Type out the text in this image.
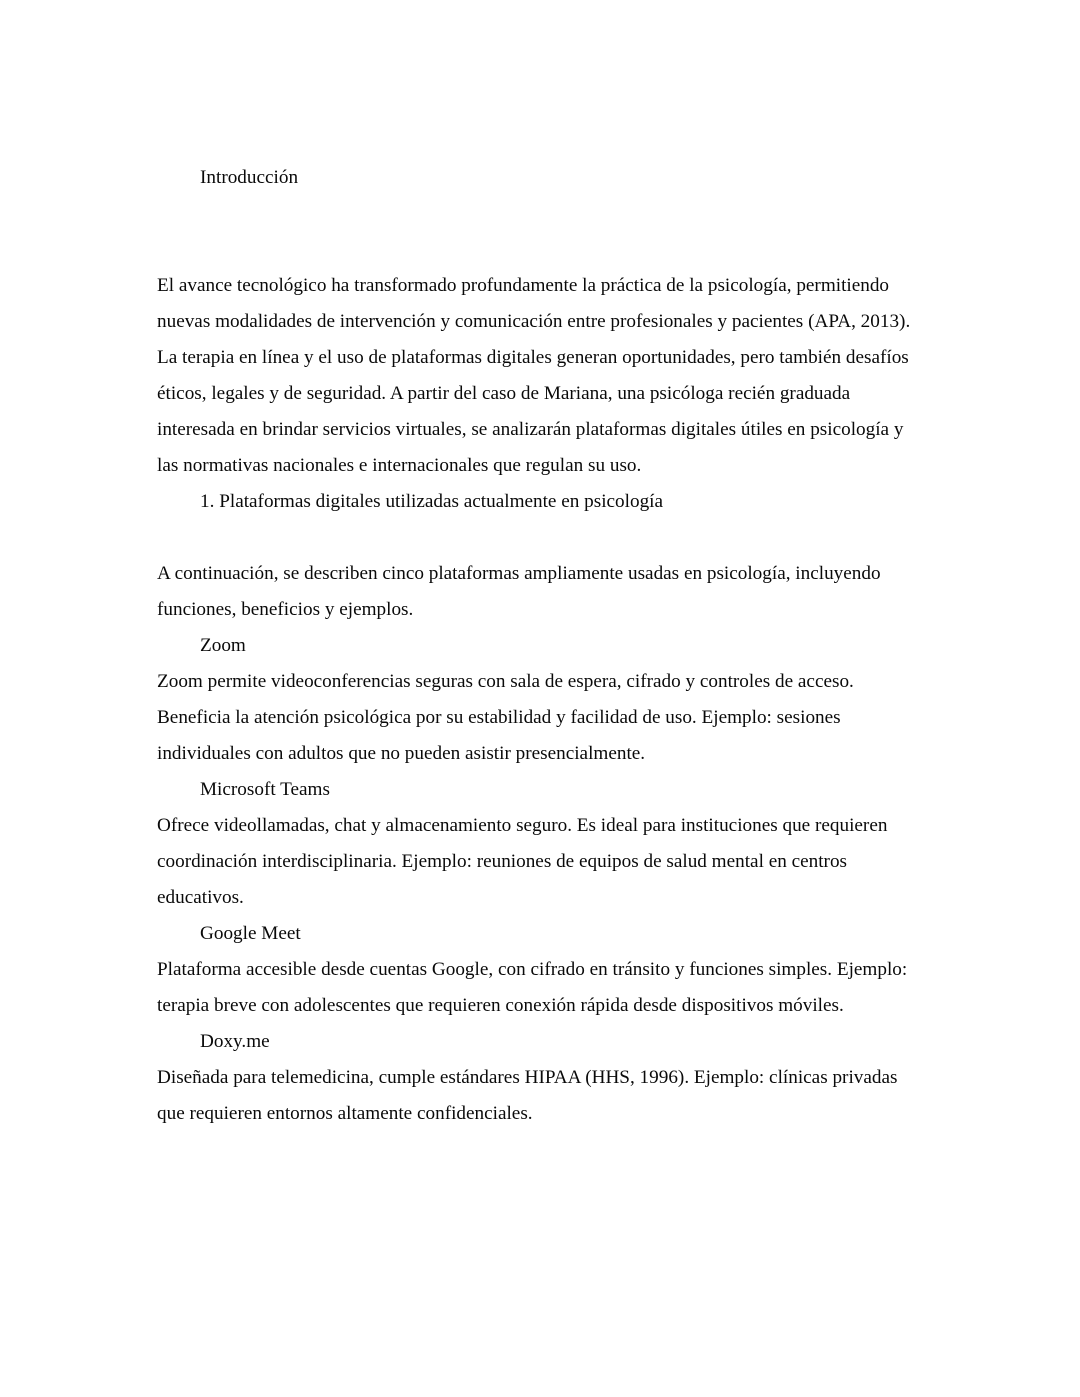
Introducción

El avance tecnológico ha transformado profundamente la práctica de la psicología, permitiendo nuevas modalidades de intervención y comunicación entre profesionales y pacientes (APA, 2013). La terapia en línea y el uso de plataformas digitales generan oportunidades, pero también desafíos éticos, legales y de seguridad. A partir del caso de Mariana, una psicóloga recién graduada interesada en brindar servicios virtuales, se analizarán plataformas digitales útiles en psicología y las normativas nacionales e internacionales que regulan su uso.

1. Plataformas digitales utilizadas actualmente en psicología

A continuación, se describen cinco plataformas ampliamente usadas en psicología, incluyendo funciones, beneficios y ejemplos.

Zoom

Zoom permite videoconferencias seguras con sala de espera, cifrado y controles de acceso. Beneficia la atención psicológica por su estabilidad y facilidad de uso. Ejemplo: sesiones individuales con adultos que no pueden asistir presencialmente.

Microsoft Teams

Ofrece videollamadas, chat y almacenamiento seguro. Es ideal para instituciones que requieren coordinación interdisciplinaria. Ejemplo: reuniones de equipos de salud mental en centros educativos.

Google Meet

Plataforma accesible desde cuentas Google, con cifrado en tránsito y funciones simples. Ejemplo: terapia breve con adolescentes que requieren conexión rápida desde dispositivos móviles.

Doxy.me

Diseñada para telemedicina, cumple estándares HIPAA (HHS, 1996). Ejemplo: clínicas privadas que requieren entornos altamente confidenciales.
